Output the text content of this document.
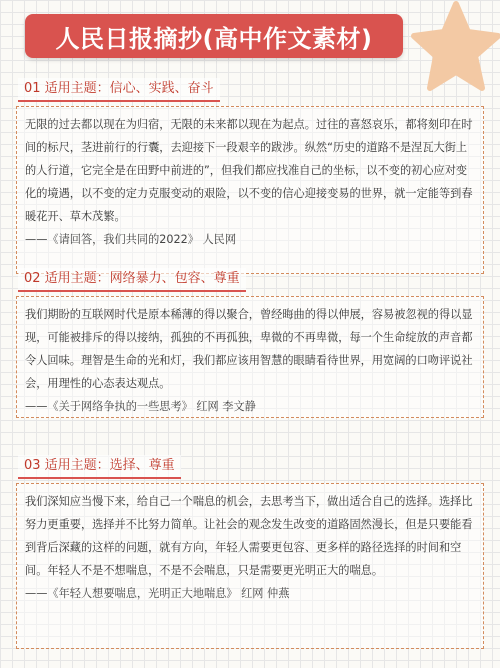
人民日报摘抄(高中作文素材)
01 适用主题：信心、实践、奋斗
无限的过去都以现在为归宿，无限的未来都以现在为起点。过往的喜怒哀乐，都将刻印在时间的标尺，茎进前行的行囊，去迎接下一段艰辛的跋涉。纵然“历史的道路不是涅瓦大街上的人行道，它完全是在田野中前进的”，但我们都应找准自己的坐标，以不变的初心应对变化的境遇，以不变的定力克服变动的艰险，以不变的信心迎接变易的世界，就一定能等到春暖花开、草木茂繁。
——《请回答，我们共同的2022》 人民网
02 适用主题：网络暴力、包容、尊重
我们期盼的互联网时代是原本稀薄的得以聚合，曾经晦曲的得以伸展，容易被忽视的得以显现，可能被排斥的得以接纳，孤独的不再孤独，卑微的不再卑微，每一个生命绽放的声音都令人回味。理智是生命的光和灯，我们都应该用智慧的眼睛看待世界，用宽阔的口吻评说社会，用理性的心态表达观点。
——《关于网络争执的一些思考》 红网 李文静
03 适用主题：选择、尊重
我们深知应当慢下来，给自己一个喘息的机会，去思考当下，做出适合自己的选择。选择比努力更重要，选择并不比努力简单。让社会的观念发生改变的道路固然漫长，但是只要能看到背后深藏的这样的问题，就有方向，年轻人需要更包容、更多样的路径选择的时间和空间。年轻人不是不想喘息，不是不会喘息，只是需要更光明正大的喘息。
——《年轻人想要喘息，光明正大地喘息》 红网 仲燕
